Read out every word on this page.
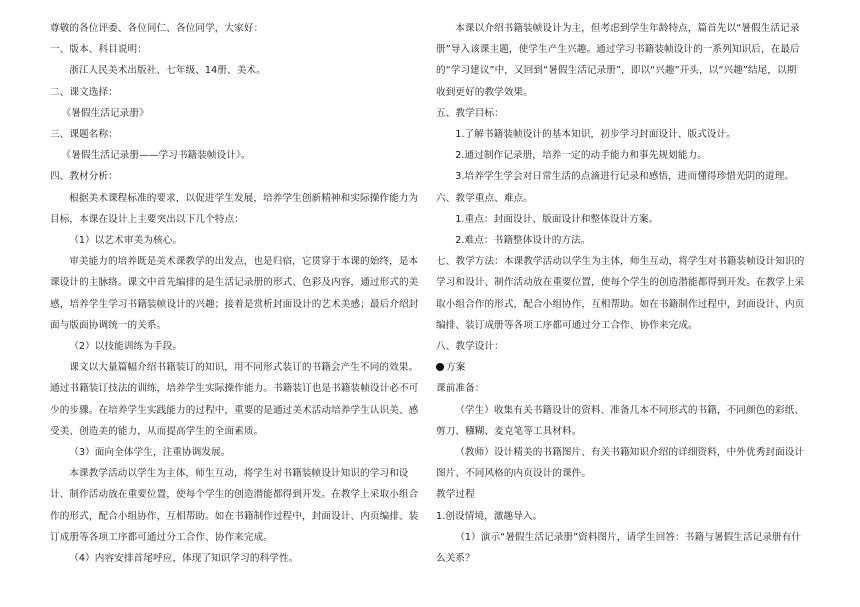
尊敬的各位评委、各位同仁、各位同学，大家好：

一、版本、科目说明：

浙江人民美术出版社、七年级、14册、美术。

二、课文选择：

《暑假生活记录册》

三、课题名称：

《暑假生活记录册——学习书籍装帧设计》。

四、教材分析：

根据美术课程标准的要求，以促进学生发展，培养学生创新精神和实际操作能力为目标，本课在设计上主要突出以下几个特点：

（1）以艺术审美为核心。

审美能力的培养既是美术课教学的出发点，也是归宿，它贯穿于本课的始终，是本课设计的主脉络。课文中首先编排的是生活记录册的形式、色彩及内容，通过形式的美感，培养学生学习书籍装帧设计的兴趣；接着是赏析封面设计的艺术美感；最后介绍封面与版面协调统一的关系。

（2）以技能训练为手段。

课文以大量篇幅介绍书籍装订的知识，用不同形式装订的书籍会产生不同的效果。通过书籍装订技法的训练，培养学生实际操作能力。书籍装订也是书籍装帧设计必不可少的步骤。在培养学生实践能力的过程中，重要的是通过美术活动培养学生认识美、感受美、创造美的能力，从而提高学生的全面素质。

（3）面向全体学生，注重协调发展。

本课教学活动以学生为主体，师生互动，将学生对书籍装帧设计知识的学习和设计、制作活动放在重要位置，使每个学生的创造潜能都得到开发。在教学上采取小组合作的形式，配合小组协作，互相帮助。如在书籍制作过程中，封面设计、内页编排、装订成册等各项工序都可通过分工合作、协作来完成。

（4）内容安排首尾呼应，体现了知识学习的科学性。

本课以介绍书籍装帧设计为主，但考虑到学生年龄特点，篇首先以“暑假生活记录册”导入该课主题，使学生产生兴趣。通过学习书籍装帧设计的一系列知识后，在最后的“学习建议”中，又回到“暑假生活记录册”，即以“兴趣”开头，以“兴趣”结尾，以期收到更好的教学效果。

五、教学目标：

1.了解书籍装帧设计的基本知识，初步学习封面设计、版式设计。

2.通过制作记录册，培养一定的动手能力和事先规划能力。

3.培养学生学会对日常生活的点滴进行记录和感悟，进而懂得珍惜光阴的道理。

六、教学重点、难点。

1.重点：封面设计、版面设计和整体设计方案。

2.难点：书籍整体设计的方法。

七、教学方法：本课教学活动以学生为主体，师生互动，将学生对书籍装帧设计知识的学习和设计、制作活动放在重要位置，使每个学生的创造潜能都得到开发。在教学上采取小组合作的形式，配合小组协作，互相帮助。如在书籍制作过程中，封面设计、内页编排、装订成册等各项工序都可通过分工合作、协作来完成。

八、教学设计：

方案

课前准备：

（学生）收集有关书籍设计的资料、准备几本不同形式的书籍，不同颜色的彩纸、剪刀、糨糊、麦克笔等工具材料。

（教师）设计精美的书籍图片、有关书籍知识介绍的详细资料，中外优秀封面设计图片、不同风格的内页设计的课件。

教学过程

1.创设情境，激趣导入。

（1）演示“暑假生活记录册”资料图片，请学生回答：书籍与暑假生活记录册有什么关系？
